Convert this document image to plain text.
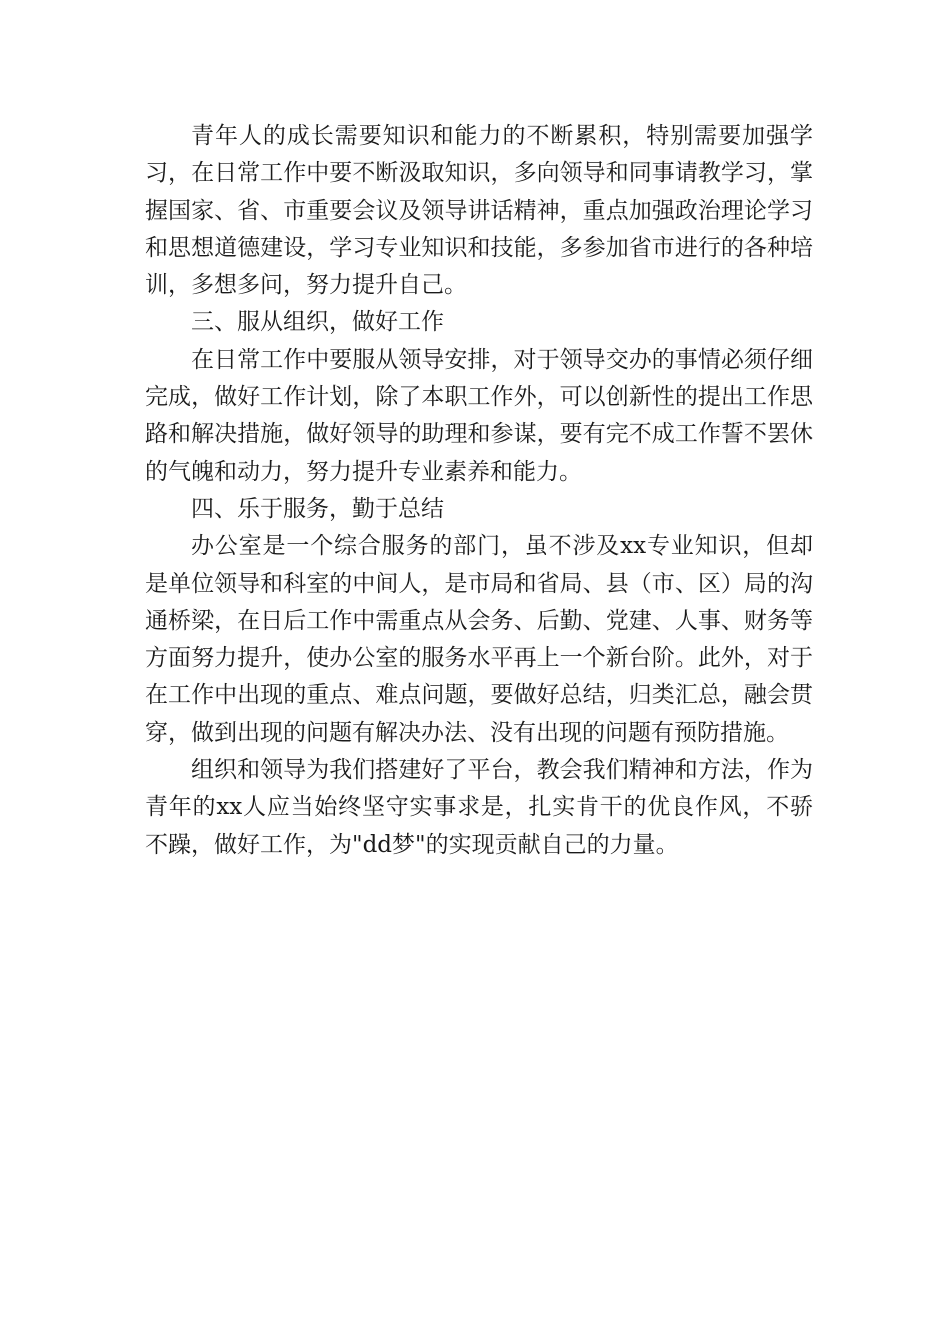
青年人的成长需要知识和能力的不断累积，特别需要加强学习，在日常工作中要不断汲取知识，多向领导和同事请教学习，掌握国家、省、市重要会议及领导讲话精神，重点加强政治理论学习和思想道德建设，学习专业知识和技能，多参加省市进行的各种培训，多想多问，努力提升自己。

三、服从组织，做好工作

在日常工作中要服从领导安排，对于领导交办的事情必须仔细完成，做好工作计划，除了本职工作外，可以创新性的提出工作思路和解决措施，做好领导的助理和参谋，要有完不成工作誓不罢休的气魄和动力，努力提升专业素养和能力。

四、乐于服务，勤于总结

办公室是一个综合服务的部门，虽不涉及xx专业知识，但却是单位领导和科室的中间人，是市局和省局、县（市、区）局的沟通桥梁，在日后工作中需重点从会务、后勤、党建、人事、财务等方面努力提升，使办公室的服务水平再上一个新台阶。此外，对于在工作中出现的重点、难点问题，要做好总结，归类汇总，融会贯穿，做到出现的问题有解决办法、没有出现的问题有预防措施。

组织和领导为我们搭建好了平台，教会我们精神和方法，作为青年的xx人应当始终坚守实事求是，扎实肯干的优良作风，不骄不躁，做好工作，为"dd梦"的实现贡献自己的力量。
